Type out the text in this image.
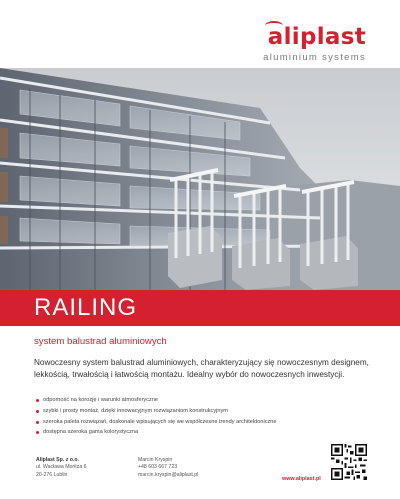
aliplast
aluminium systems
RAILING
system balustrad aluminiowych

Nowoczesny system balustrad aluminiowych, charakteryzujący się nowoczesnym designem, lekkością, trwałością i łatwością montażu. Idealny wybór do nowoczesnych inwestycji.

odporność na korozję i warunki atmosferyczne
szybki i prosty montaż, dzięki innowacyjnym rozwiązaniom konstrukcyjnym
szeroka paleta rozwiązań, doskonale wpisujących się we współczesne trendy architektoniczne
dostępna szeroka gama kolorystyczna
Aliplast Sp. z o.o.
ul. Wacława Moritza 6
20-276 Lublin
Marcin Kryspin
+48 603 667 723
marcin.kryspin@aliplast.pl
www.aliplast.pl
